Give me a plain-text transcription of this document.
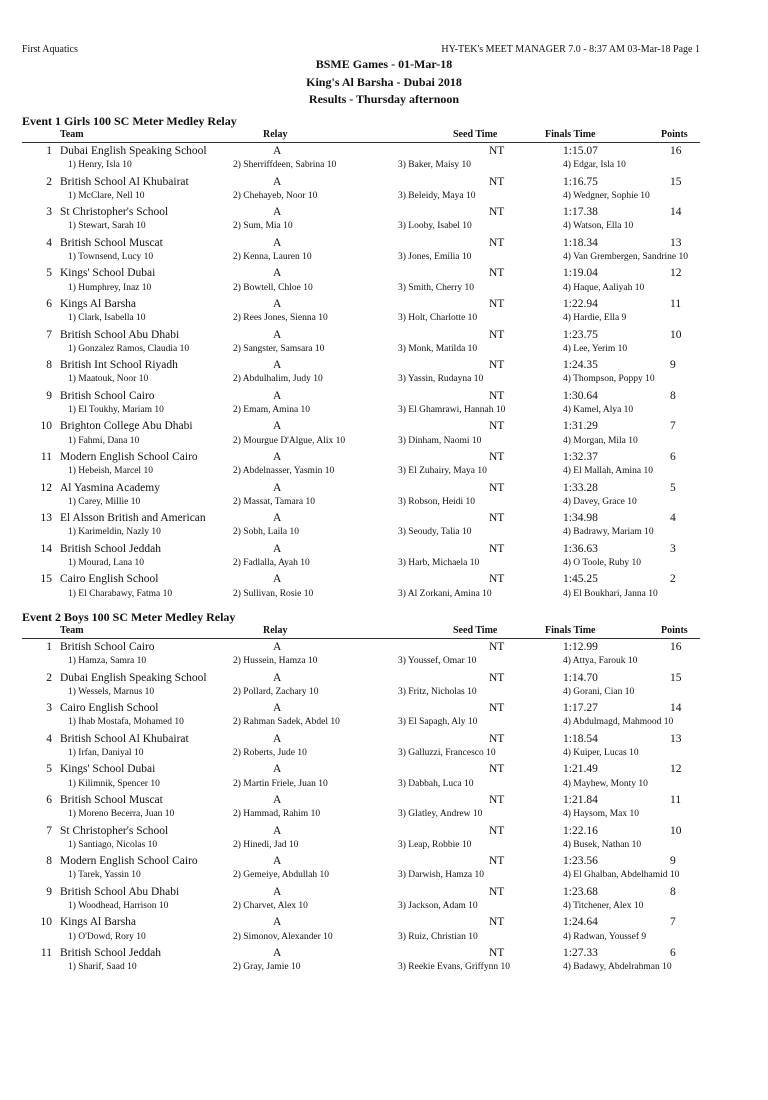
First Aquatics	HY-TEK's MEET MANAGER 7.0 - 8:37 AM 03-Mar-18 Page 1
BSME Games - 01-Mar-18
King's Al Barsha - Dubai 2018
Results - Thursday afternoon
Event 1 Girls 100 SC Meter Medley Relay
Team	Relay	Seed Time	Finals Time	Points
1 Dubai English Speaking School	A	NT	1:15.07	16
1) Henry, Isla 10	2) Sherriffdeen, Sabrina 10	3) Baker, Maisy 10	4) Edgar, Isla 10
2 British School Al Khubairat	A	NT	1:16.75	15
1) McClare, Nell 10	2) Chehayeb, Noor 10	3) Beleidy, Maya 10	4) Wedgner, Sophie 10
3 St Christopher's School	A	NT	1:17.38	14
1) Stewart, Sarah 10	2) Sum, Mia 10	3) Looby, Isabel 10	4) Watson, Ella 10
4 British School Muscat	A	NT	1:18.34	13
1) Townsend, Lucy 10	2) Kenna, Lauren 10	3) Jones, Emilia 10	4) Van Grembergen, Sandrine 10
5 Kings' School Dubai	A	NT	1:19.04	12
1) Humphrey, Inaz 10	2) Bowtell, Chloe 10	3) Smith, Cherry 10	4) Haque, Aaliyah 10
6 Kings Al Barsha	A	NT	1:22.94	11
1) Clark, Isabella 10	2) Rees Jones, Sienna 10	3) Holt, Charlotte 10	4) Hardie, Ella 9
7 British School Abu Dhabi	A	NT	1:23.75	10
1) Gonzalez Ramos, Claudia 10	2) Sangster, Samsara 10	3) Monk, Matilda 10	4) Lee, Yerim 10
8 British Int School Riyadh	A	NT	1:24.35	9
1) Maatouk, Noor 10	2) Abdulhalim, Judy 10	3) Yassin, Rudayna 10	4) Thompson, Poppy 10
9 British School Cairo	A	NT	1:30.64	8
1) El Toukhy, Mariam 10	2) Emam, Amina 10	3) El Ghamrawi, Hannah 10	4) Kamel, Alya 10
10 Brighton College Abu Dhabi	A	NT	1:31.29	7
1) Fahmi, Dana 10	2) Mourgue D'Algue, Alix 10	3) Dinham, Naomi 10	4) Morgan, Mila 10
11 Modern English School Cairo	A	NT	1:32.37	6
1) Hebeish, Marcel 10	2) Abdelnasser, Yasmin 10	3) El Zuhairy, Maya 10	4) El Mallah, Amina 10
12 Al Yasmina Academy	A	NT	1:33.28	5
1) Carey, Millie 10	2) Massat, Tamara 10	3) Robson, Heidi 10	4) Davey, Grace 10
13 El Alsson British and American	A	NT	1:34.98	4
1) Karimeldin, Nazly 10	2) Sobh, Laila 10	3) Seoudy, Talia 10	4) Badrawy, Mariam 10
14 British School Jeddah	A	NT	1:36.63	3
1) Mourad, Lana 10	2) Fadlalla, Ayah 10	3) Harb, Michaela 10	4) O Toole, Ruby 10
15 Cairo English School	A	NT	1:45.25	2
1) El Charabawy, Fatma 10	2) Sullivan, Rosie 10	3) Al Zorkani, Amina 10	4) El Boukhari, Janna 10
Event 2 Boys 100 SC Meter Medley Relay
Team	Relay	Seed Time	Finals Time	Points
1 British School Cairo	A	NT	1:12.99	16
1) Hamza, Samra 10	2) Hussein, Hamza 10	3) Youssef, Omar 10	4) Attya, Farouk 10
2 Dubai English Speaking School	A	NT	1:14.70	15
1) Wessels, Marnus 10	2) Pollard, Zachary 10	3) Fritz, Nicholas 10	4) Gorani, Cian 10
3 Cairo English School	A	NT	1:17.27	14
1) Ihab Mostafa, Mohamed 10	2) Rahman Sadek, Abdel 10	3) El Sapagh, Aly 10	4) Abdulmagd, Mahmood 10
4 British School Al Khubairat	A	NT	1:18.54	13
1) Irfan, Daniyal 10	2) Roberts, Jude 10	3) Galluzzi, Francesco 10	4) Kuiper, Lucas 10
5 Kings' School Dubai	A	NT	1:21.49	12
1) Kilimnik, Spencer 10	2) Martin Friele, Juan 10	3) Dabbah, Luca 10	4) Mayhew, Monty 10
6 British School Muscat	A	NT	1:21.84	11
1) Moreno Becerra, Juan 10	2) Hammad, Rahim 10	3) Glatley, Andrew 10	4) Haysom, Max 10
7 St Christopher's School	A	NT	1:22.16	10
1) Santiago, Nicolas 10	2) Hinedi, Jad 10	3) Leap, Robbie 10	4) Busek, Nathan 10
8 Modern English School Cairo	A	NT	1:23.56	9
1) Tarek, Yassin 10	2) Gemeiye, Abdullah 10	3) Darwish, Hamza 10	4) El Ghalban, Abdelhamid 10
9 British School Abu Dhabi	A	NT	1:23.68	8
1) Woodhead, Harrison 10	2) Charvet, Alex 10	3) Jackson, Adam 10	4) Titchener, Alex 10
10 Kings Al Barsha	A	NT	1:24.64	7
1) O'Dowd, Rory 10	2) Simonov, Alexander 10	3) Ruiz, Christian 10	4) Radwan, Youssef 9
11 British School Jeddah	A	NT	1:27.33	6
1) Sharif, Saad 10	2) Gray, Jamie 10	3) Reekie Evans, Griffynn 10	4) Badawy, Abdelrahman 10
